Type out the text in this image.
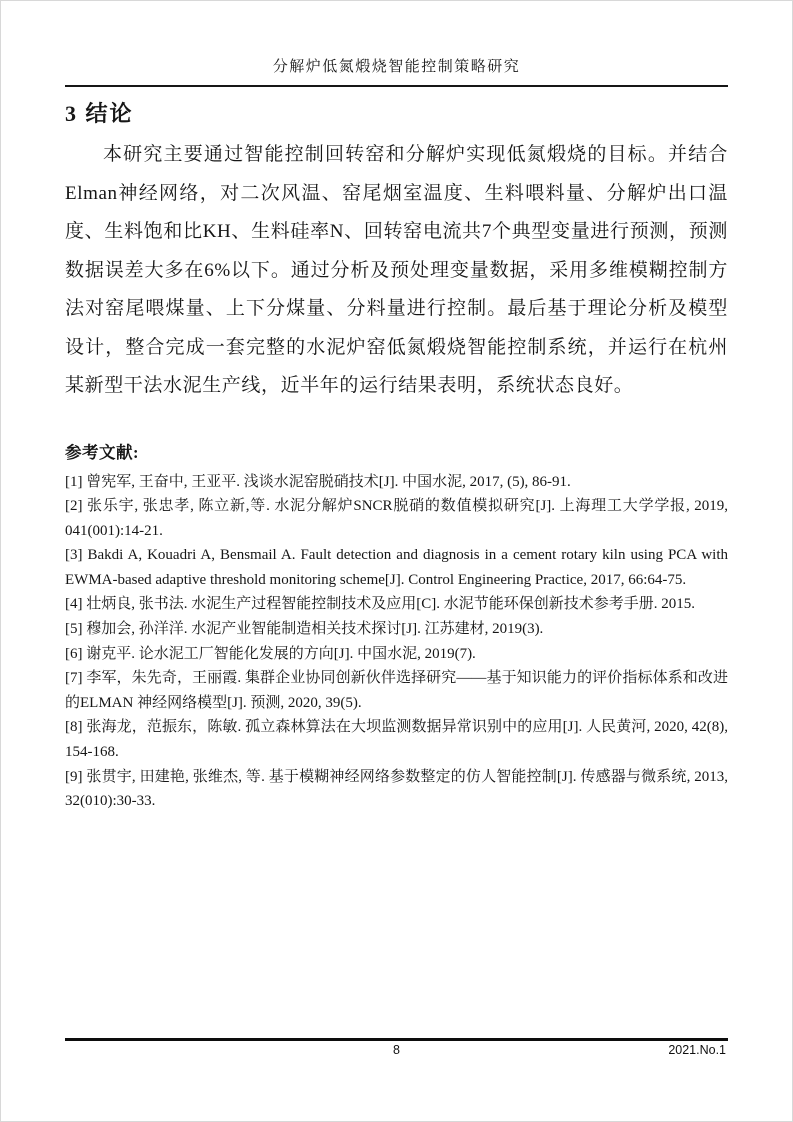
分解炉低氮煅烧智能控制策略研究
3 结论

本研究主要通过智能控制回转窑和分解炉实现低氮煅烧的目标。并结合Elman神经网络，对二次风温、窑尾烟室温度、生料喂料量、分解炉出口温度、生料饱和比KH、生料硅率N、回转窑电流共7个典型变量进行预测，预测数据误差大多在6%以下。通过分析及预处理变量数据，采用多维模糊控制方法对窑尾喂煤量、上下分煤量、分料量进行控制。最后基于理论分析及模型设计，整合完成一套完整的水泥炉窑低氮煅烧智能控制系统，并运行在杭州某新型干法水泥生产线，近半年的运行结果表明，系统状态良好。

参考文献:

[1] 曾宪军, 王奋中, 王亚平. 浅谈水泥窑脱硝技术[J]. 中国水泥, 2017, (5), 86-91.

[2] 张乐宇, 张忠孝, 陈立新,等. 水泥分解炉SNCR脱硝的数值模拟研究[J]. 上海理工大学学报, 2019, 041(001):14-21.

[3] Bakdi A, Kouadri A, Bensmail A. Fault detection and diagnosis in a cement rotary kiln using PCA with EWMA-based adaptive threshold monitoring scheme[J]. Control Engineering Practice, 2017, 66:64-75.

[4] 壮炳良, 张书法. 水泥生产过程智能控制技术及应用[C]. 水泥节能环保创新技术参考手册. 2015.

[5] 穆加会, 孙洋洋. 水泥产业智能制造相关技术探讨[J]. 江苏建材, 2019(3).

[6] 谢克平. 论水泥工厂智能化发展的方向[J]. 中国水泥, 2019(7).

[7] 李军，朱先奇，王丽霞. 集群企业协同创新伙伴选择研究——基于知识能力的评价指标体系和改进的ELMAN 神经网络模型[J]. 预测, 2020, 39(5).

[8] 张海龙，范振东，陈敏. 孤立森林算法在大坝监测数据异常识别中的应用[J]. 人民黄河, 2020, 42(8), 154-168.

[9] 张贯宇, 田建艳, 张维杰, 等. 基于模糊神经网络参数整定的仿人智能控制[J]. 传感器与微系统, 2013, 32(010):30-33.

8	2021.No.1
